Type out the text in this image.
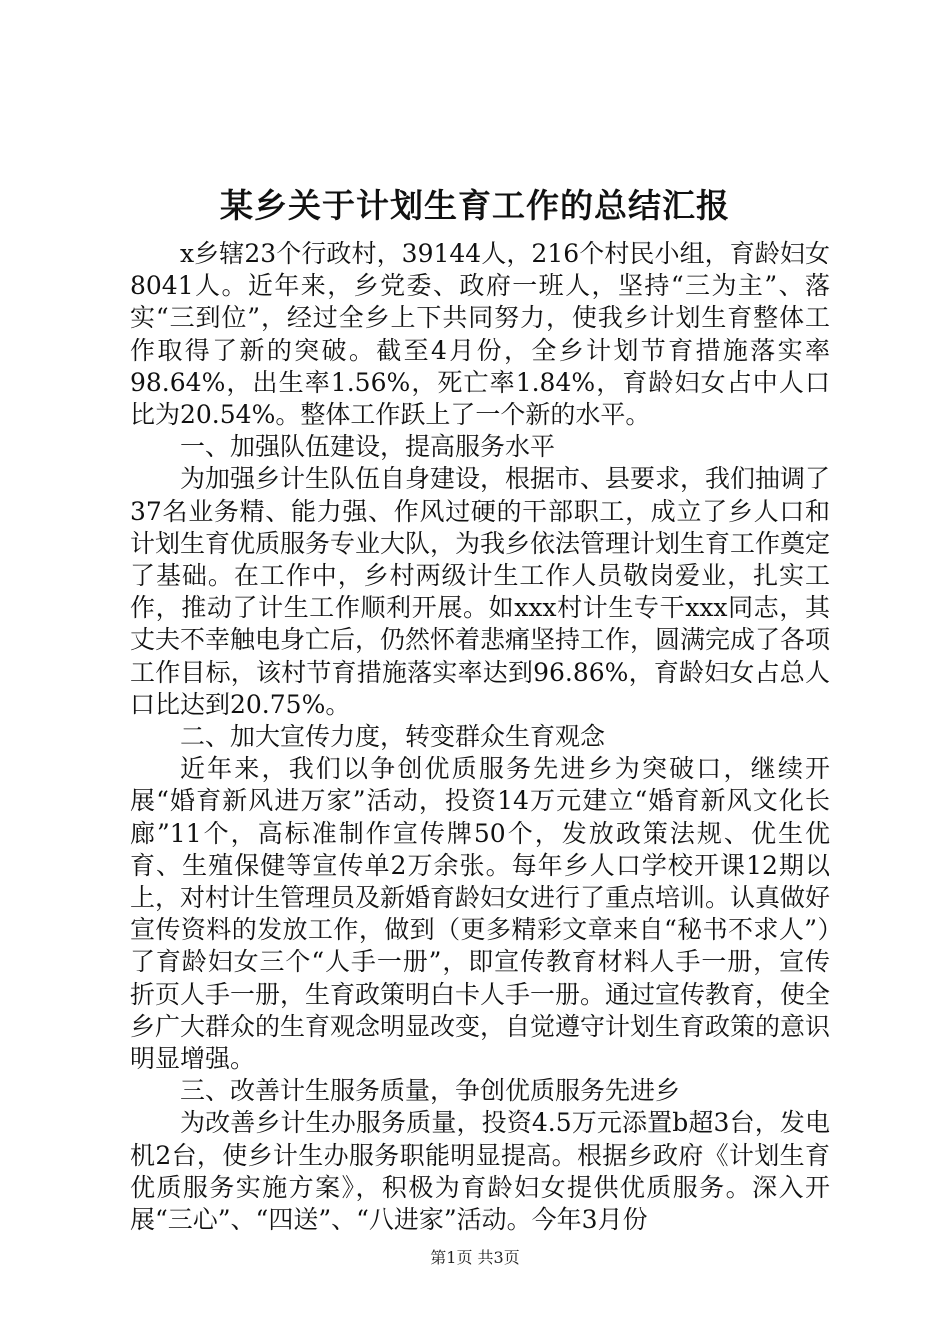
某乡关于计划生育工作的总结汇报

x乡辖23个行政村，39144人，216个村民小组，育龄妇女8041人。近年来，乡党委、政府一班人，坚持“三为主”、落实“三到位”，经过全乡上下共同努力，使我乡计划生育整体工作取得了新的突破。截至4月份，全乡计划节育措施落实率98.64%，出生率1.56%，死亡率1.84%，育龄妇女占中人口比为20.54%。整体工作跃上了一个新的水平。

一、加强队伍建设，提高服务水平

为加强乡计生队伍自身建设，根据市、县要求，我们抽调了37名业务精、能力强、作风过硬的干部职工，成立了乡人口和计划生育优质服务专业大队，为我乡依法管理计划生育工作奠定了基础。在工作中，乡村两级计生工作人员敬岗爱业，扎实工作，推动了计生工作顺利开展。如xxx村计生专干xxx同志，其丈夫不幸触电身亡后，仍然怀着悲痛坚持工作，圆满完成了各项工作目标，该村节育措施落实率达到96.86%，育龄妇女占总人口比达到20.75%。

二、加大宣传力度，转变群众生育观念

近年来，我们以争创优质服务先进乡为突破口，继续开展“婚育新风进万家”活动，投资14万元建立“婚育新风文化长廊”11个，高标准制作宣传牌50个，发放政策法规、优生优育、生殖保健等宣传单2万余张。每年乡人口学校开课12期以上，对村计生管理员及新婚育龄妇女进行了重点培训。认真做好宣传资料的发放工作，做到（更多精彩文章来自“秘书不求人”）了育龄妇女三个“人手一册”，即宣传教育材料人手一册，宣传折页人手一册，生育政策明白卡人手一册。通过宣传教育，使全乡广大群众的生育观念明显改变，自觉遵守计划生育政策的意识明显增强。

三、改善计生服务质量，争创优质服务先进乡

为改善乡计生办服务质量，投资4.5万元添置b超3台，发电机2台，使乡计生办服务职能明显提高。根据乡政府《计划生育优质服务实施方案》，积极为育龄妇女提供优质服务。深入开展“三心”、“四送”、“八进家”活动。今年3月份

第1页 共3页
